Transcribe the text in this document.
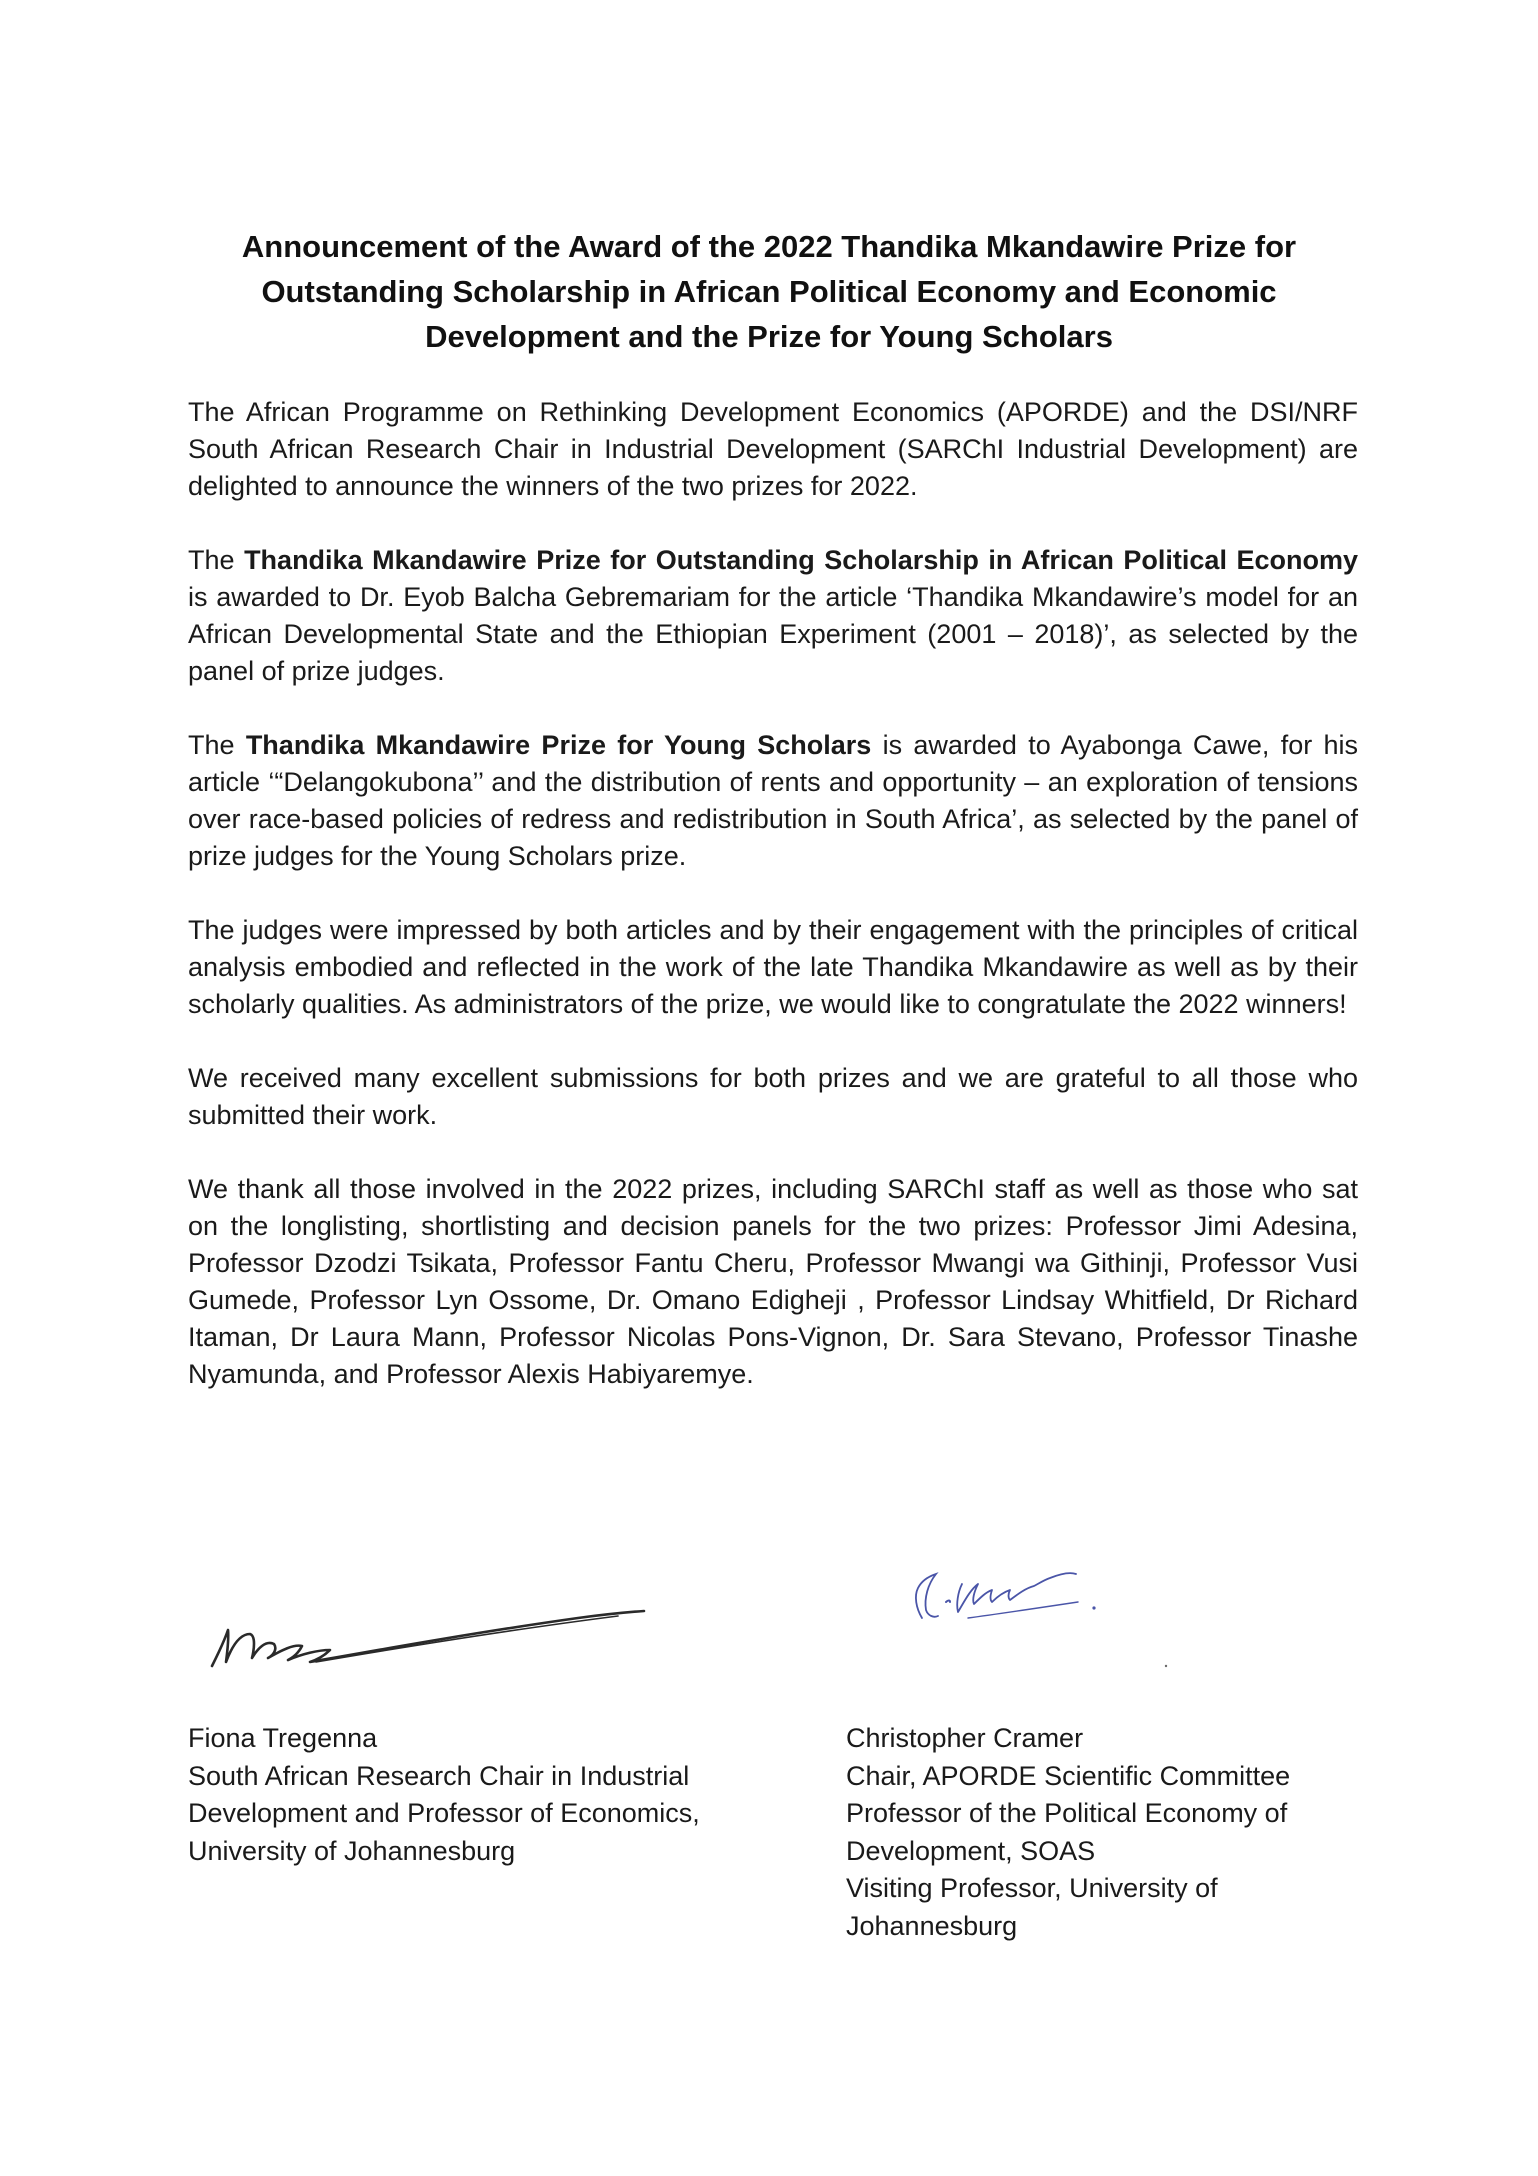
Announcement of the Award of the 2022 Thandika Mkandawire Prize for
Outstanding Scholarship in African Political Economy and Economic
Development and the Prize for Young Scholars

The African Programme on Rethinking Development Economics (APORDE) and the DSI/NRF South African Research Chair in Industrial Development (SARChI Industrial Development) are delighted to announce the winners of the two prizes for 2022.

The Thandika Mkandawire Prize for Outstanding Scholarship in African Political Economy is awarded to Dr. Eyob Balcha Gebremariam for the article ‘Thandika Mkandawire’s model for an African Developmental State and the Ethiopian Experiment (2001 – 2018)’, as selected by the panel of prize judges.

The Thandika Mkandawire Prize for Young Scholars is awarded to Ayabonga Cawe, for his article ‘“Delangokubona’’ and the distribution of rents and opportunity – an exploration of tensions over race-based policies of redress and redistribution in South Africa’, as selected by the panel of prize judges for the Young Scholars prize.

The judges were impressed by both articles and by their engagement with the principles of critical analysis embodied and reflected in the work of the late Thandika Mkandawire as well as by their scholarly qualities. As administrators of the prize, we would like to congratulate the 2022 winners!

We received many excellent submissions for both prizes and we are grateful to all those who submitted their work.

We thank all those involved in the 2022 prizes, including SARChI staff as well as those who sat on the longlisting, shortlisting and decision panels for the two prizes: Professor Jimi Adesina, Professor Dzodzi Tsikata, Professor Fantu Cheru, Professor Mwangi wa Githinji, Professor Vusi Gumede, Professor Lyn Ossome, Dr. Omano Edigheji , Professor Lindsay Whitfield, Dr Richard Itaman, Dr Laura Mann, Professor Nicolas Pons-Vignon, Dr. Sara Stevano, Professor Tinashe Nyamunda, and Professor Alexis Habiyaremye.

Fiona Tregenna
South African Research Chair in Industrial
Development and Professor of Economics,
University of Johannesburg
Christopher Cramer
Chair, APORDE Scientific Committee
Professor of the Political Economy of
Development, SOAS
Visiting Professor, University of
Johannesburg
